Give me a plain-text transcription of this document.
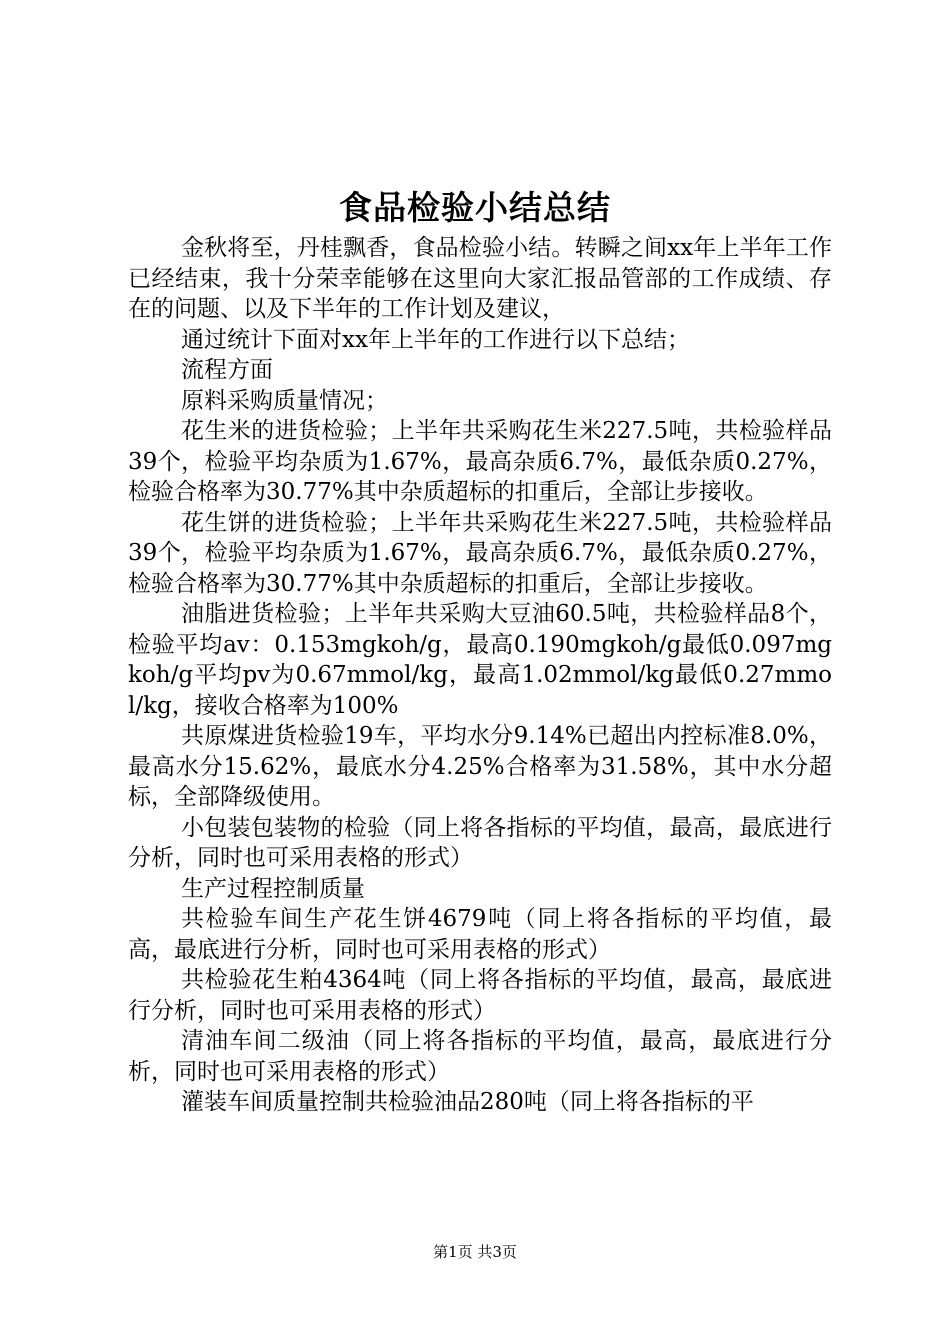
食品检验小结总结

金秋将至，丹桂飘香，食品检验小结。转瞬之间xx年上半年工作已经结束，我十分荣幸能够在这里向大家汇报品管部的工作成绩、存在的问题、以及下半年的工作计划及建议，

通过统计下面对xx年上半年的工作进行以下总结；

流程方面

原料采购质量情况；

花生米的进货检验；上半年共采购花生米227.5吨，共检验样品39个，检验平均杂质为1.67%，最高杂质6.7%，最低杂质0.27%，检验合格率为30.77%其中杂质超标的扣重后，全部让步接收。

花生饼的进货检验；上半年共采购花生米227.5吨，共检验样品39个，检验平均杂质为1.67%，最高杂质6.7%，最低杂质0.27%，检验合格率为30.77%其中杂质超标的扣重后，全部让步接收。

油脂进货检验；上半年共采购大豆油60.5吨，共检验样品8个，检验平均av：0.153mgkoh/g，最高0.190mgkoh/g最低0.097mgkoh/g平均pv为0.67mmol/kg，最高1.02mmol/kg最低0.27mmol/kg，接收合格率为100%

共原煤进货检验19车，平均水分9.14%已超出内控标准8.0%，最高水分15.62%，最底水分4.25%合格率为31.58%，其中水分超标，全部降级使用。

小包装包装物的检验（同上将各指标的平均值，最高，最底进行分析，同时也可采用表格的形式）

生产过程控制质量

共检验车间生产花生饼4679吨（同上将各指标的平均值，最高，最底进行分析，同时也可采用表格的形式）

共检验花生粕4364吨（同上将各指标的平均值，最高，最底进行分析，同时也可采用表格的形式）

清油车间二级油（同上将各指标的平均值，最高，最底进行分析，同时也可采用表格的形式）

灌装车间质量控制共检验油品280吨（同上将各指标的平

第1页 共3页
